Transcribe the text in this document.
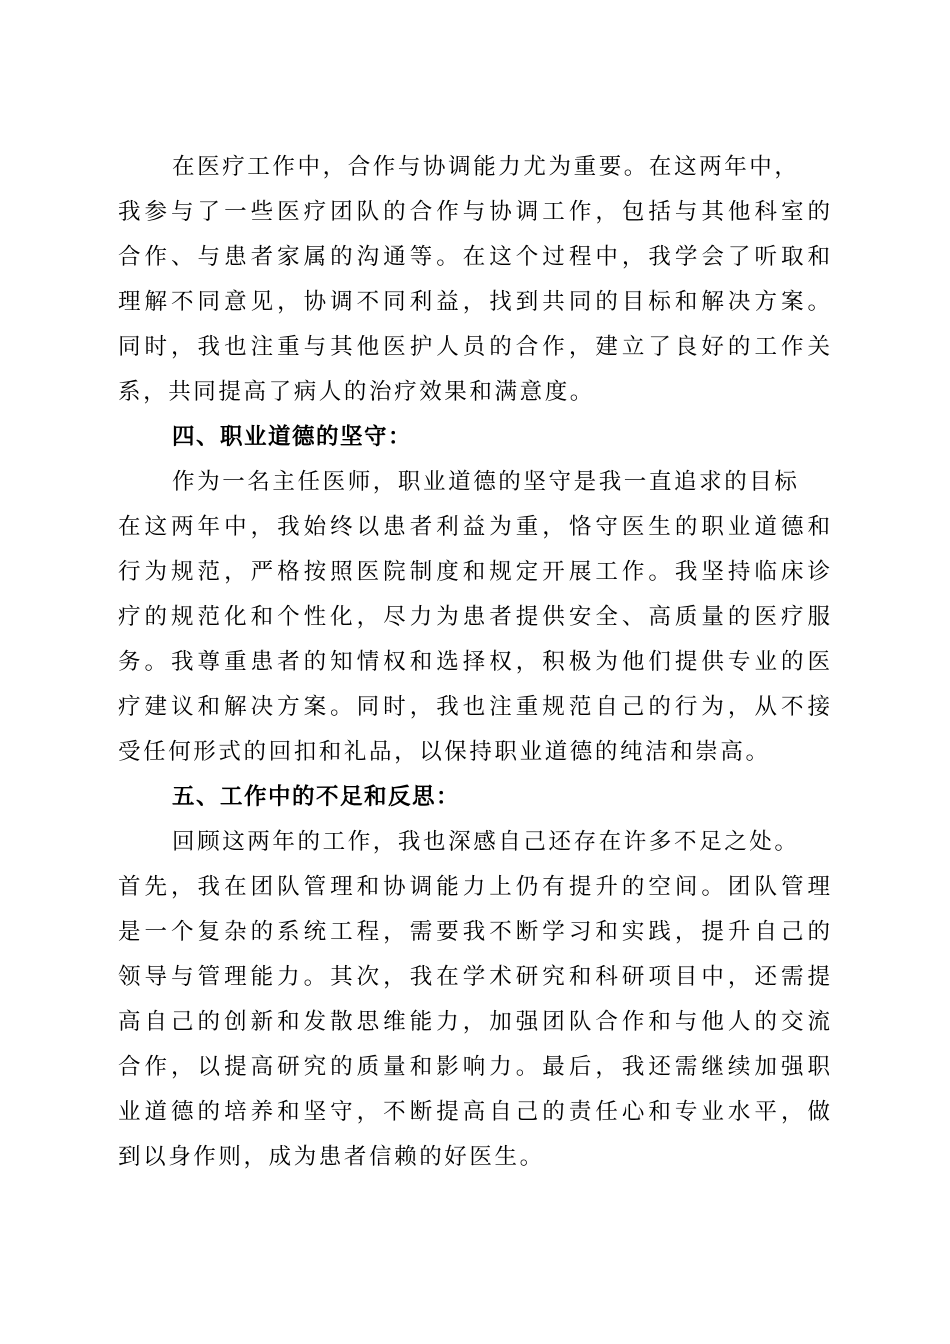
在医疗工作中，合作与协调能力尤为重要。在这两年中，
我参与了一些医疗团队的合作与协调工作，包括与其他科室的
合作、与患者家属的沟通等。在这个过程中，我学会了听取和
理解不同意见，协调不同利益，找到共同的目标和解决方案。
同时，我也注重与其他医护人员的合作，建立了良好的工作关
系，共同提高了病人的治疗效果和满意度。
四、职业道德的坚守：
作为一名主任医师，职业道德的坚守是我一直追求的目标
在这两年中，我始终以患者利益为重，恪守医生的职业道德和
行为规范，严格按照医院制度和规定开展工作。我坚持临床诊
疗的规范化和个性化，尽力为患者提供安全、高质量的医疗服
务。我尊重患者的知情权和选择权，积极为他们提供专业的医
疗建议和解决方案。同时，我也注重规范自己的行为，从不接
受任何形式的回扣和礼品，以保持职业道德的纯洁和崇高。
五、工作中的不足和反思：
回顾这两年的工作，我也深感自己还存在许多不足之处。
首先，我在团队管理和协调能力上仍有提升的空间。团队管理
是一个复杂的系统工程，需要我不断学习和实践，提升自己的
领导与管理能力。其次，我在学术研究和科研项目中，还需提
高自己的创新和发散思维能力，加强团队合作和与他人的交流
合作，以提高研究的质量和影响力。最后，我还需继续加强职
业道德的培养和坚守，不断提高自己的责任心和专业水平，做
到以身作则，成为患者信赖的好医生。
